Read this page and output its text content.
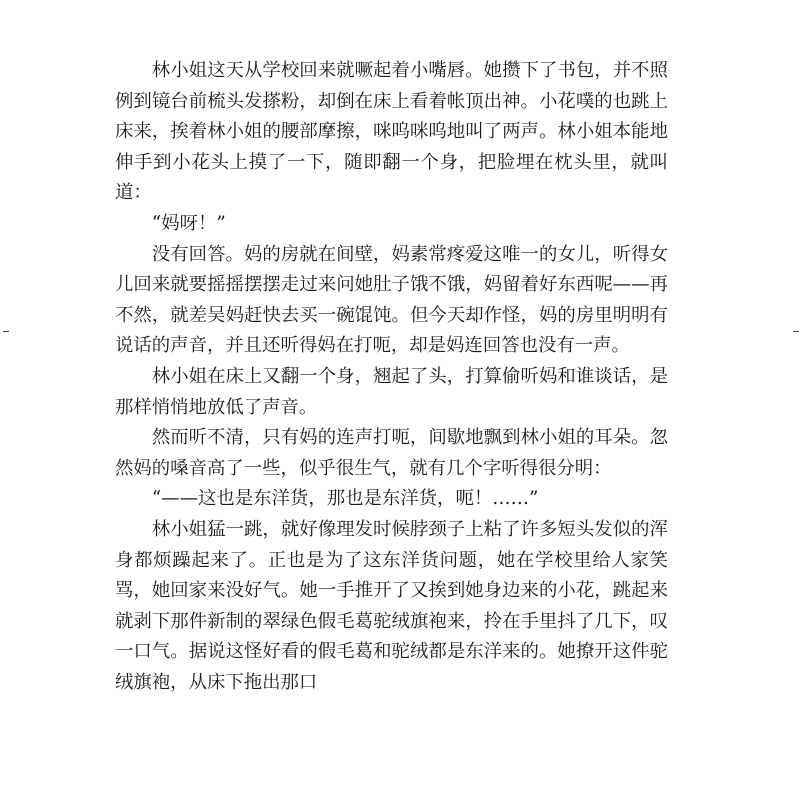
林小姐这天从学校回来就噘起着小嘴唇。她攒下了书包，并不照例到镜台前梳头发搽粉，却倒在床上看着帐顶出神。小花噗的也跳上床来，挨着林小姐的腰部摩擦，咪呜咪呜地叫了两声。林小姐本能地伸手到小花头上摸了一下，随即翻一个身，把脸埋在枕头里，就叫道：

“妈呀！”

没有回答。妈的房就在间壁，妈素常疼爱这唯一的女儿，听得女儿回来就要摇摇摆摆走过来问她肚子饿不饿，妈留着好东西呢——再不然，就差吴妈赶快去买一碗馄饨。但今天却作怪，妈的房里明明有说话的声音，并且还听得妈在打呃，却是妈连回答也没有一声。

林小姐在床上又翻一个身，翘起了头，打算偷听妈和谁谈话，是那样悄悄地放低了声音。

然而听不清，只有妈的连声打呃，间歇地飘到林小姐的耳朵。忽然妈的嗓音高了一些，似乎很生气，就有几个字听得很分明：

“——这也是东洋货，那也是东洋货，呃！……”

林小姐猛一跳，就好像理发时候脖颈子上粘了许多短头发似的浑身都烦躁起来了。正也是为了这东洋货问题，她在学校里给人家笑骂，她回家来没好气。她一手推开了又挨到她身边来的小花，跳起来就剥下那件新制的翠绿色假毛葛驼绒旗袍来，拎在手里抖了几下，叹一口气。据说这怪好看的假毛葛和驼绒都是东洋来的。她撩开这件驼绒旗袍，从床下拖出那口
